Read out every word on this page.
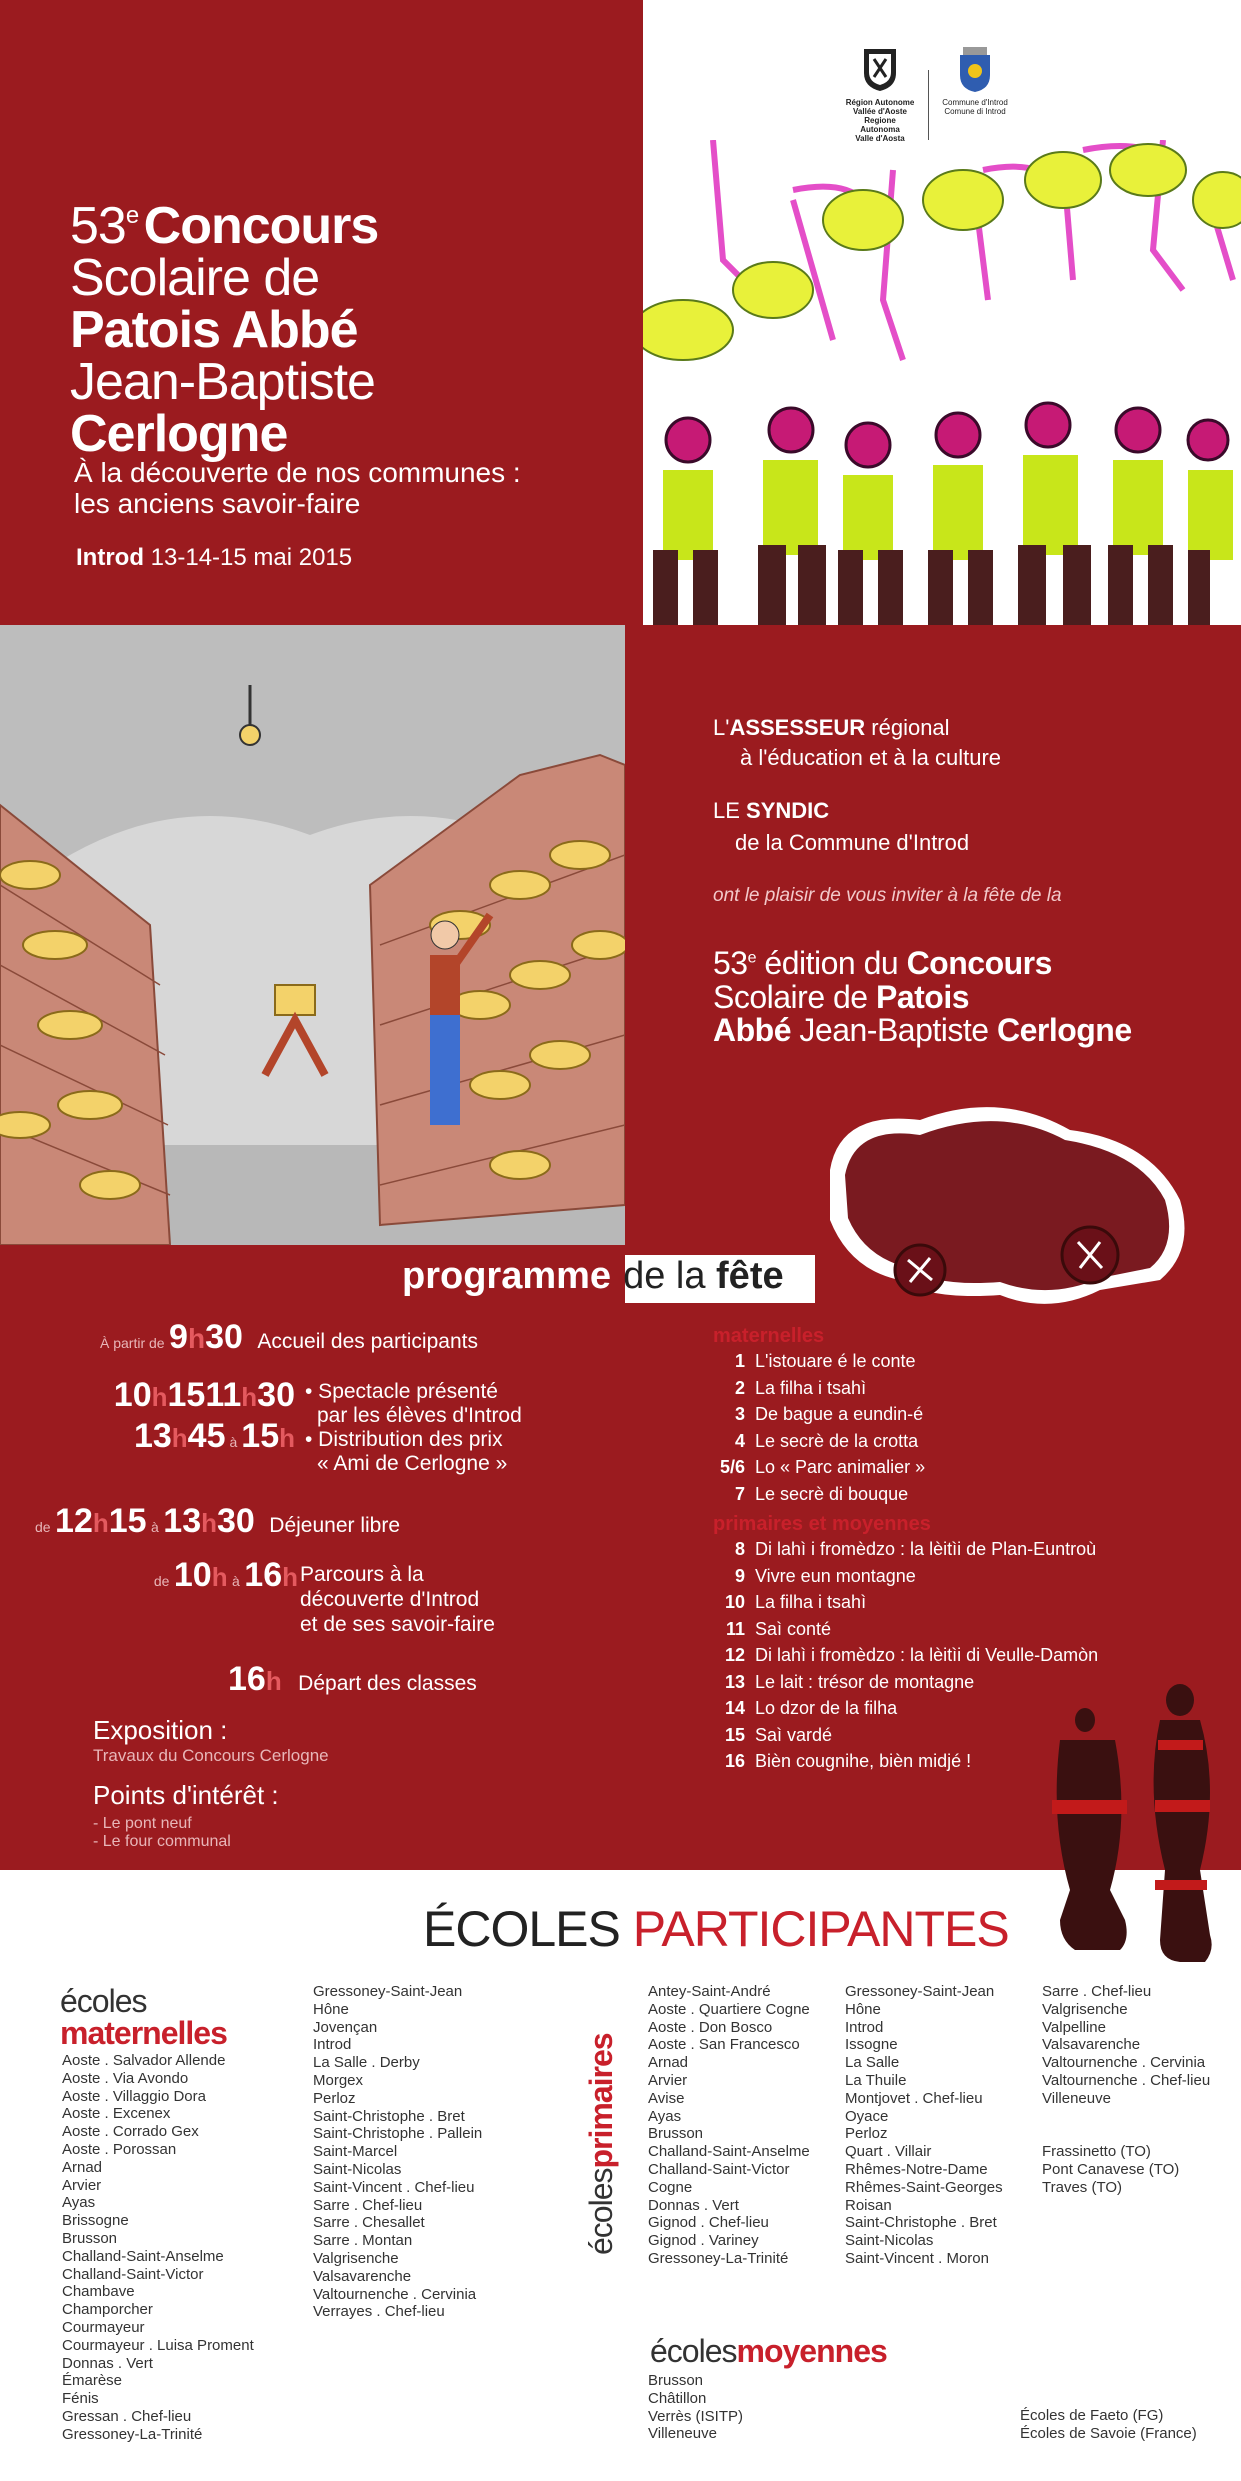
53e Concours
Scolaire de
Patois Abbé
Jean-Baptiste
Cerlogne
À la découverte de nos communes :
les anciens savoir-faire
Introd 13-14-15 mai 2015
Région Autonome
Vallée d'Aoste
Regione Autonoma
Valle d'Aosta
Commune d'Introd
Comune di Introd
L'ASSESSEUR régional
à l'éducation et à la culture
LE SYNDIC
de la Commune d'Introd
ont le plaisir de vous inviter à la fête de la
53e édition du Concours
Scolaire de Patois
Abbé Jean-Baptiste Cerlogne
programme de la fête
À partir de 9h30 Accueil des participants
10h1511h30
13h45 à 15h
• Spectacle présenté
par les élèves d'Introd
• Distribution des prix
« Ami de Cerlogne »
de 12h15 à 13h30 Déjeuner libre
de 10h à 16h Parcours à la
découverte d'Introd
et de ses savoir-faire
16h Départ des classes
Exposition :
Travaux du Concours Cerlogne
Points d'intérêt :
- Le pont neuf
- Le four communal
maternelles
1 L'istouare é le conte
2 La filha i tsahì
3 De bague a eundin-é
4 Le secrè de la crotta
5/6 Lo « Parc animalier »
7 Le secrè di bouque
primaires et moyennes
8 Di lahì i fromèdzo : la lèitìi de Plan-Euntroù
9 Vivre eun montagne
10 La filha i tsahì
11 Saì conté
12 Di lahì i fromèdzo : la lèitìi di Veulle-Damòn
13 Le lait : trésor de montagne
14 Lo dzor de la filha
15 Saì vardé
16 Bièn cougnihe, bièn midjé !
ÉCOLES PARTICIPANTES
écoles
maternelles
Aoste . Salvador Allende
Aoste . Via Avondo
Aoste . Villaggio Dora
Aoste . Excenex
Aoste . Corrado Gex
Aoste . Porossan
Arnad
Arvier
Ayas
Brissogne
Brusson
Challand-Saint-Anselme
Challand-Saint-Victor
Chambave
Champorcher
Courmayeur
Courmayeur . Luisa Proment
Donnas . Vert
Émarèse
Fénis
Gressan . Chef-lieu
Gressoney-La-Trinité
Gressoney-Saint-Jean
Hône
Jovençan
Introd
La Salle . Derby
Morgex
Perloz
Saint-Christophe . Bret
Saint-Christophe . Pallein
Saint-Marcel
Saint-Nicolas
Saint-Vincent . Chef-lieu
Sarre . Chef-lieu
Sarre . Chesallet
Sarre . Montan
Valgrisenche
Valsavarenche
Valtournenche . Cervinia
Verrayes . Chef-lieu
écolesprimaires
Antey-Saint-André
Aoste . Quartiere Cogne
Aoste . Don Bosco
Aoste . San Francesco
Arnad
Arvier
Avise
Ayas
Brusson
Challand-Saint-Anselme
Challand-Saint-Victor
Cogne
Donnas . Vert
Gignod . Chef-lieu
Gignod . Variney
Gressoney-La-Trinité
Gressoney-Saint-Jean
Hône
Introd
Issogne
La Salle
La Thuile
Montjovet . Chef-lieu
Oyace
Perloz
Quart . Villair
Rhêmes-Notre-Dame
Rhêmes-Saint-Georges
Roisan
Saint-Christophe . Bret
Saint-Nicolas
Saint-Vincent . Moron
Sarre . Chef-lieu
Valgrisenche
Valpelline
Valsavarenche
Valtournenche . Cervinia
Valtournenche . Chef-lieu
Villeneuve
Frassinetto (TO)
Pont Canavese (TO)
Traves (TO)
écolesmoyennes
Brusson
Châtillon
Verrès (ISITP)
Villeneuve
Écoles de Faeto (FG)
Écoles de Savoie (France)
